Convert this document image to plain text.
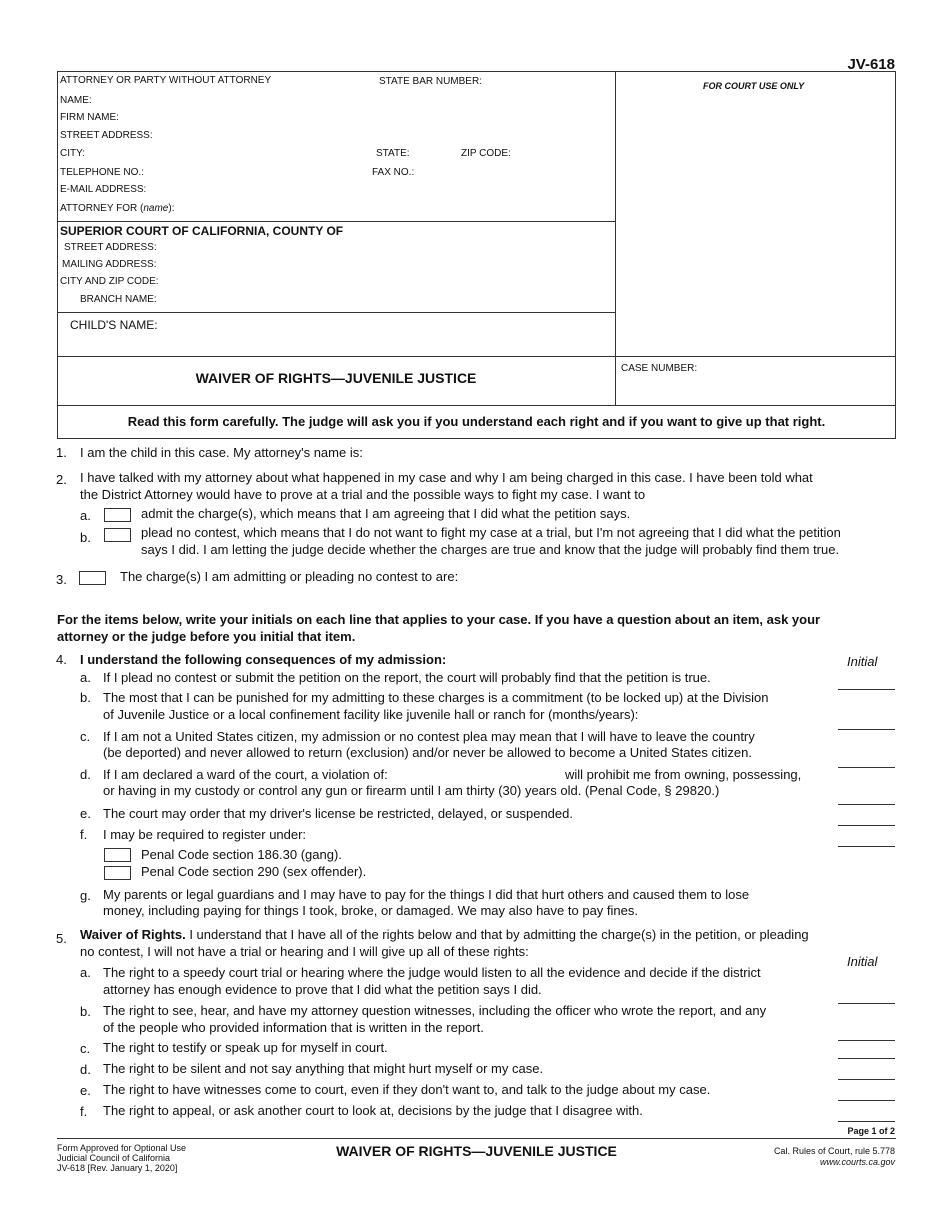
JV-618
ATTORNEY OR PARTY WITHOUT ATTORNEY	STATE BAR NUMBER:
NAME:
FIRM NAME:
STREET ADDRESS:
CITY:	STATE:	ZIP CODE:
TELEPHONE NO.:	FAX NO.:
E-MAIL ADDRESS:
ATTORNEY FOR (name):
FOR COURT USE ONLY
SUPERIOR COURT OF CALIFORNIA, COUNTY OF
STREET ADDRESS:
MAILING ADDRESS:
CITY AND ZIP CODE:
BRANCH NAME:
CHILD'S NAME:
WAIVER OF RIGHTS—JUVENILE JUSTICE
CASE NUMBER:
Read this form carefully. The judge will ask you if you understand each right and if you want to give up that right.
1. I am the child in this case. My attorney's name is:
2. I have talked with my attorney about what happened in my case and why I am being charged in this case. I have been told what
the District Attorney would have to prove at a trial and the possible ways to fight my case. I want to
a.	admit the charge(s), which means that I am agreeing that I did what the petition says.
b.	plead no contest, which means that I do not want to fight my case at a trial, but I'm not agreeing that I did what the petition
says I did. I am letting the judge decide whether the charges are true and know that the judge will probably find them true.
3.	The charge(s) I am admitting or pleading no contest to are:
For the items below, write your initials on each line that applies to your case. If you have a question about an item, ask your
attorney or the judge before you initial that item.
4. I understand the following consequences of my admission:	Initial
a. If I plead no contest or submit the petition on the report, the court will probably find that the petition is true.
b. The most that I can be punished for my admitting to these charges is a commitment (to be locked up) at the Division
of Juvenile Justice or a local confinement facility like juvenile hall or ranch for (months/years):
c. If I am not a United States citizen, my admission or no contest plea may mean that I will have to leave the country
(be deported) and never allowed to return (exclusion) and/or never be allowed to become a United States citizen.
d. If I am declared a ward of the court, a violation of:	will prohibit me from owning, possessing,
or having in my custody or control any gun or firearm until I am thirty (30) years old. (Penal Code, § 29820.)
e. The court may order that my driver's license be restricted, delayed, or suspended.
f. I may be required to register under:
Penal Code section 186.30 (gang).
Penal Code section 290 (sex offender).
g. My parents or legal guardians and I may have to pay for the things I did that hurt others and caused them to lose
money, including paying for things I took, broke, or damaged. We may also have to pay fines.
5. Waiver of Rights. I understand that I have all of the rights below and that by admitting the charge(s) in the petition, or pleading
no contest, I will not have a trial or hearing and I will give up all of these rights:
Initial
a. The right to a speedy court trial or hearing where the judge would listen to all the evidence and decide if the district
attorney has enough evidence to prove that I did what the petition says I did.
b. The right to see, hear, and have my attorney question witnesses, including the officer who wrote the report, and any
of the people who provided information that is written in the report.
c. The right to testify or speak up for myself in court.
d. The right to be silent and not say anything that might hurt myself or my case.
e. The right to have witnesses come to court, even if they don't want to, and talk to the judge about my case.
f. The right to appeal, or ask another court to look at, decisions by the judge that I disagree with.
Page 1 of 2
Form Approved for Optional Use
Judicial Council of California
JV-618 [Rev. January 1, 2020]
WAIVER OF RIGHTS—JUVENILE JUSTICE	Cal. Rules of Court, rule 5.778
www.courts.ca.gov
